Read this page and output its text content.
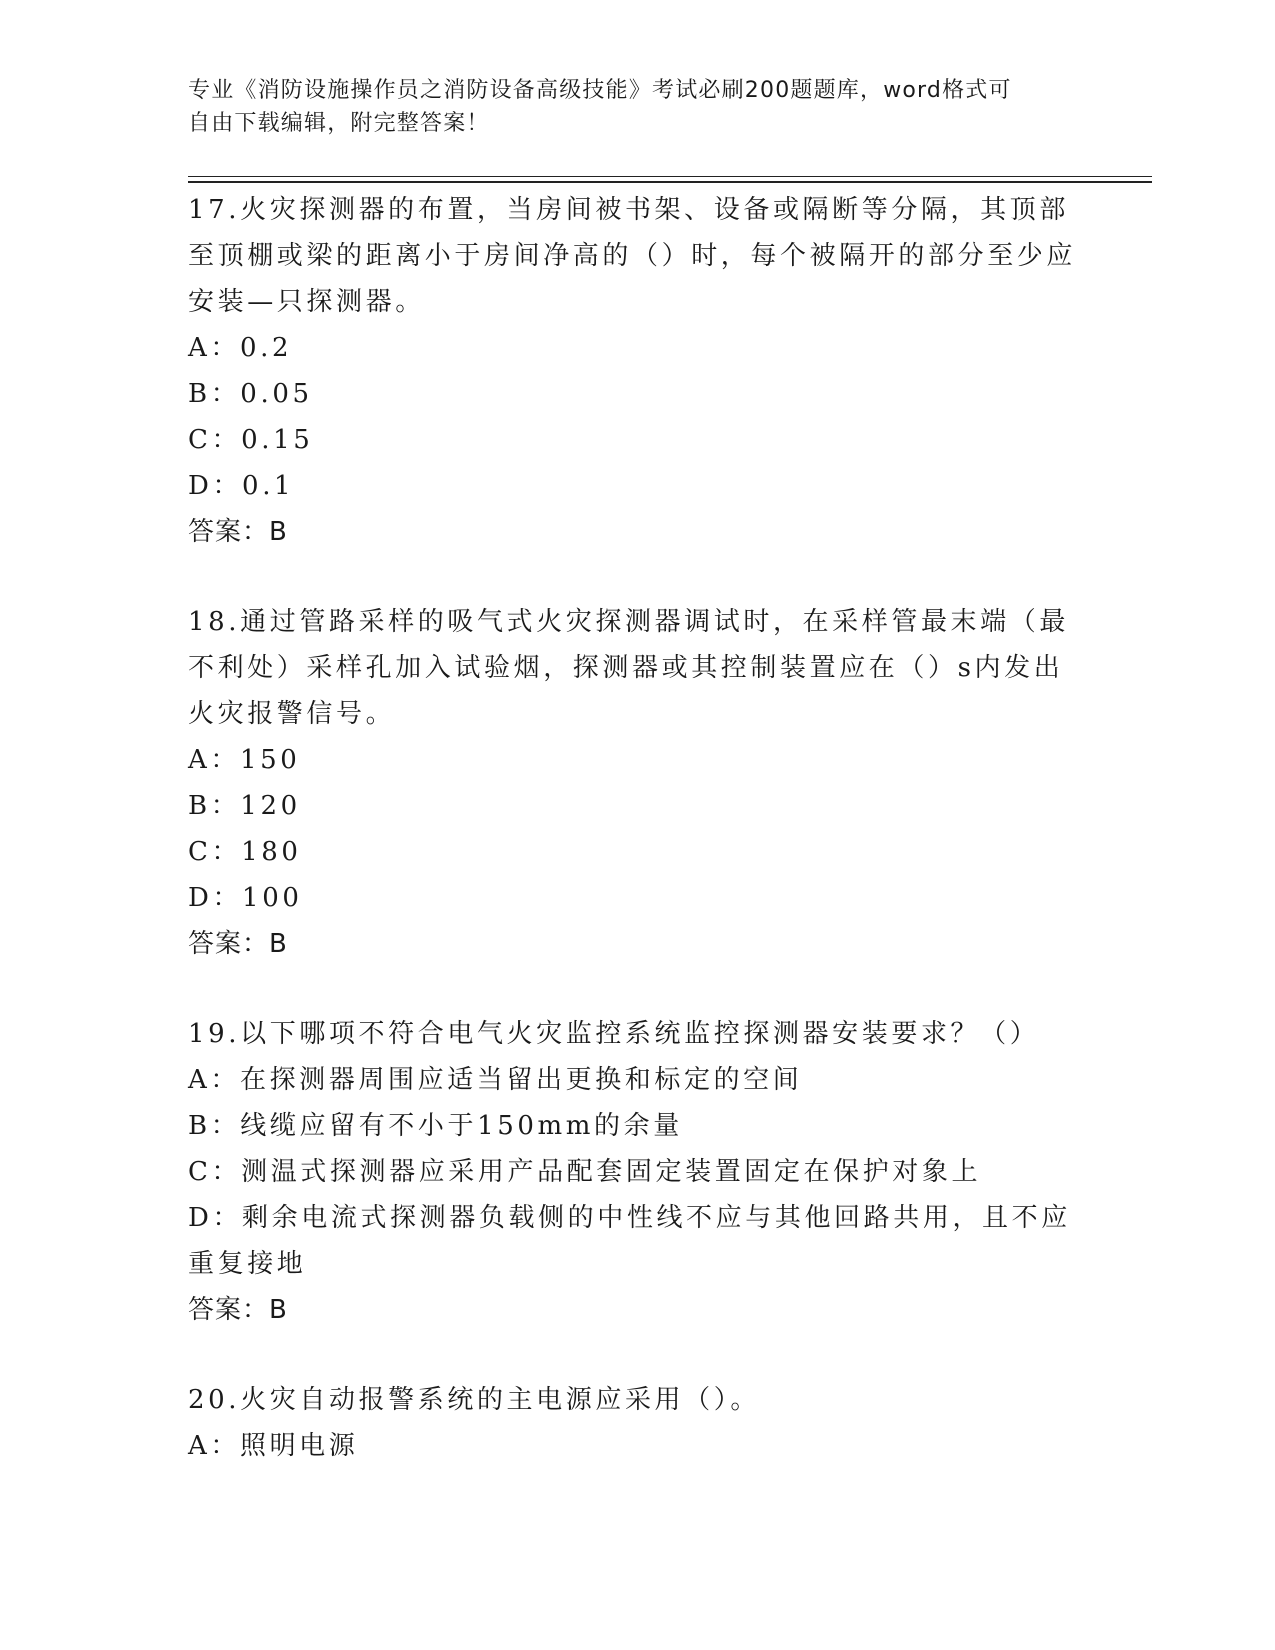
专业《消防设施操作员之消防设备高级技能》考试必刷200题题库，word格式可
自由下载编辑，附完整答案！

17.火灾探测器的布置，当房间被书架、设备或隔断等分隔，其顶部至顶棚或梁的距离小于房间净高的（）时，每个被隔开的部分至少应安装—只探测器。

A：0.2

B：0.05

C：0.15

D：0.1

答案：B

18.通过管路采样的吸气式火灾探测器调试时，在采样管最末端（最不利处）采样孔加入试验烟，探测器或其控制装置应在（）s内发出火灾报警信号。

A：150

B：120

C：180

D：100

答案：B

19.以下哪项不符合电气火灾监控系统监控探测器安装要求？（）

A：在探测器周围应适当留出更换和标定的空间

B：线缆应留有不小于150mm的余量

C：测温式探测器应采用产品配套固定装置固定在保护对象上

D：剩余电流式探测器负载侧的中性线不应与其他回路共用，且不应重复接地

答案：B

20.火灾自动报警系统的主电源应采用（）。

A：照明电源
